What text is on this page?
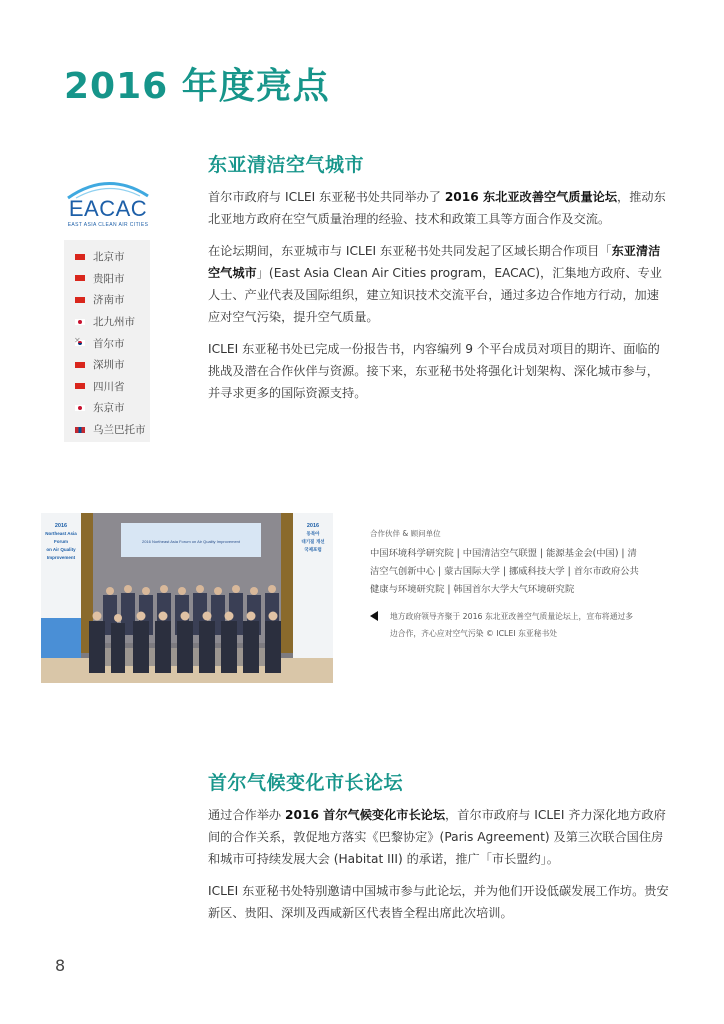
2016 年度亮点
东亚清洁空气城市
EACAC
EAST ASIA CLEAN AIR CITIES
北京市
贵阳市
济南市
北九州市
✕
首尔市
深圳市
四川省
东京市
乌兰巴托市

首尔市政府与 ICLEI 东亚秘书处共同举办了 2016 东北亚改善空气质量论坛，推动东北亚地方政府在空气质量治理的经验、技术和政策工具等方面合作及交流。

在论坛期间，东亚城市与 ICLEI 东亚秘书处共同发起了区域长期合作项目「东亚清洁空气城市」(East Asia Clean Air Cities program，EACAC)，汇集地方政府、专业人士、产业代表及国际组织，建立知识技术交流平台，通过多边合作地方行动，加速应对空气污染，提升空气质量。

ICLEI 东亚秘书处已完成一份报告书，内容编列 9 个平台成员对项目的期许、面临的挑战及潜在合作伙伴与资源。接下来，东亚秘书处将强化计划架构、深化城市参与，并寻求更多的国际资源支持。

2016 Northeast Asia Forum on Air Quality Improvement
2016
Northeast Asia
Forum
on Air Quality
Improvement
2016
동북아
대기질 개선
국제포럼
合作伙伴 & 顾问单位
中国环境科学研究院 | 中国清洁空气联盟 | 能源基金会(中国) | 清洁空气创新中心 | 蒙古国际大学 | 挪威科技大学 | 首尔市政府公共健康与环境研究院 | 韩国首尔大学大气环境研究院
地方政府领导齐聚于 2016 东北亚改善空气质量论坛上，宣布将通过多边合作，齐心应对空气污染 © ICLEI 东亚秘书处
首尔气候变化市长论坛

通过合作举办 2016 首尔气候变化市长论坛，首尔市政府与 ICLEI 齐力深化地方政府间的合作关系，敦促地方落实《巴黎协定》(Paris Agreement) 及第三次联合国住房和城市可持续发展大会 (Habitat III) 的承诺，推广「市长盟约」。

ICLEI 东亚秘书处特别邀请中国城市参与此论坛，并为他们开设低碳发展工作坊。贵安新区、贵阳、深圳及西咸新区代表皆全程出席此次培训。

8
